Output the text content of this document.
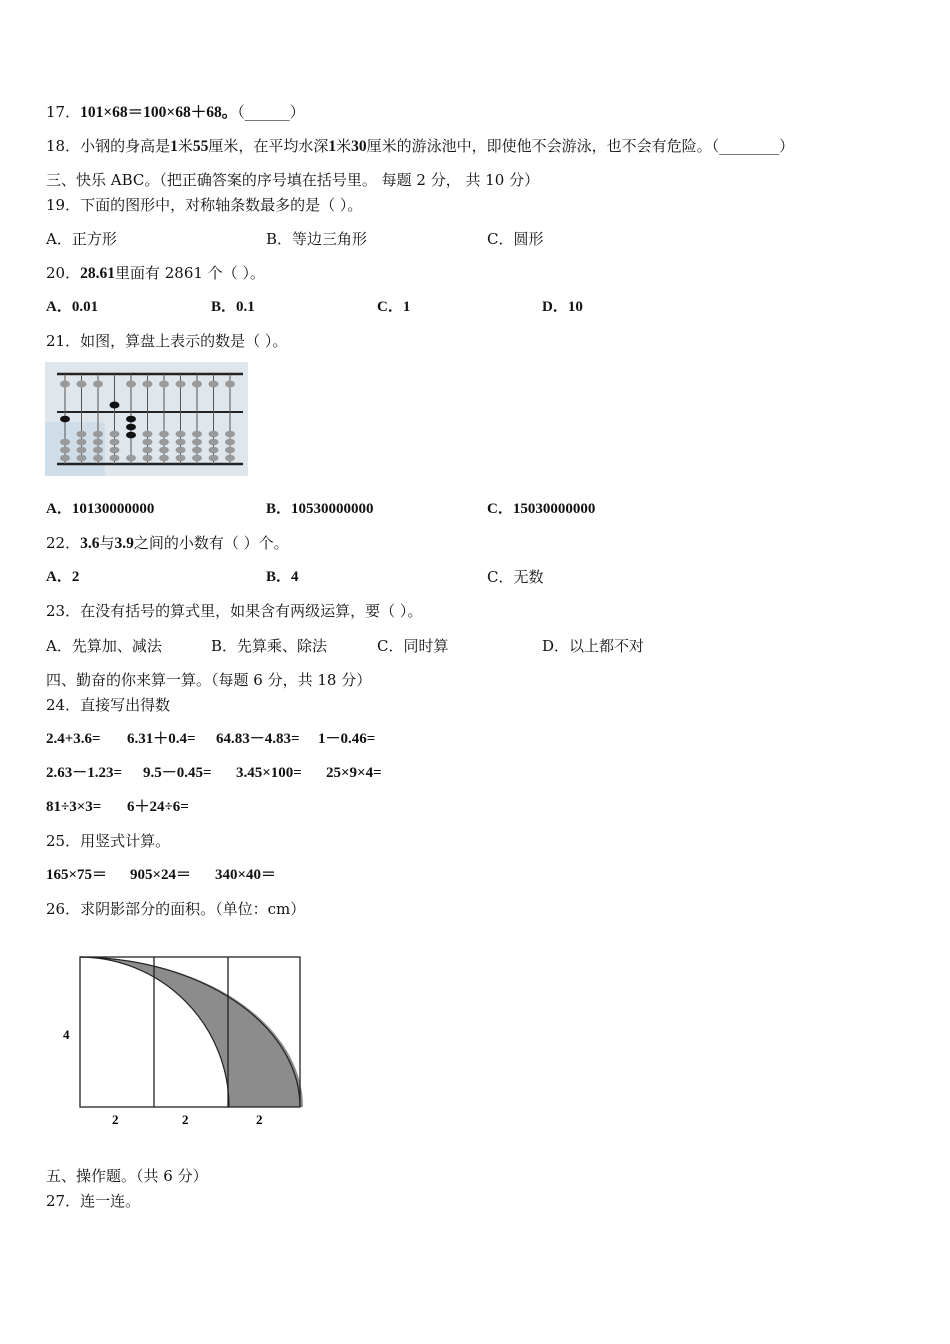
17．101×68＝100×68＋68。（______）
18．小钢的身高是1米55厘米，在平均水深1米30厘米的游泳池中，即使他不会游泳，也不会有危险。（________）
三、快乐 ABC。（把正确答案的序号填在括号里。 每题 2 分， 共 10 分）
19．下面的图形中，对称轴条数最多的是（ ）。
A．正方形	B．等边三角形	C．圆形
20．28.61里面有 2861 个（ ）。
A．0.01	B．0.1	C．1	D．10
21．如图，算盘上表示的数是（ ）。
A．10130000000	B．10530000000	C．15030000000
22．3.6与3.9之间的小数有（ ）个。
A．2	B．4	C．无数
23．在没有括号的算式里，如果含有两级运算，要（ ）。
A．先算加、减法	B．先算乘、除法	C．同时算	D．以上都不对
四、勤奋的你来算一算。（每题 6 分，共 18 分）
24．直接写出得数
2.4+3.6= 6.31＋0.4= 64.83－4.83= 1－0.46=
2.63－1.23= 9.5－0.45= 3.45×100= 25×9×4=
81÷3×3= 6＋24÷6=
25．用竖式计算。
165×75＝ 905×24＝ 340×40＝
26．求阴影部分的面积。（单位：cm）
4
2	2	2
五、操作题。（共 6 分）
27．连一连。
